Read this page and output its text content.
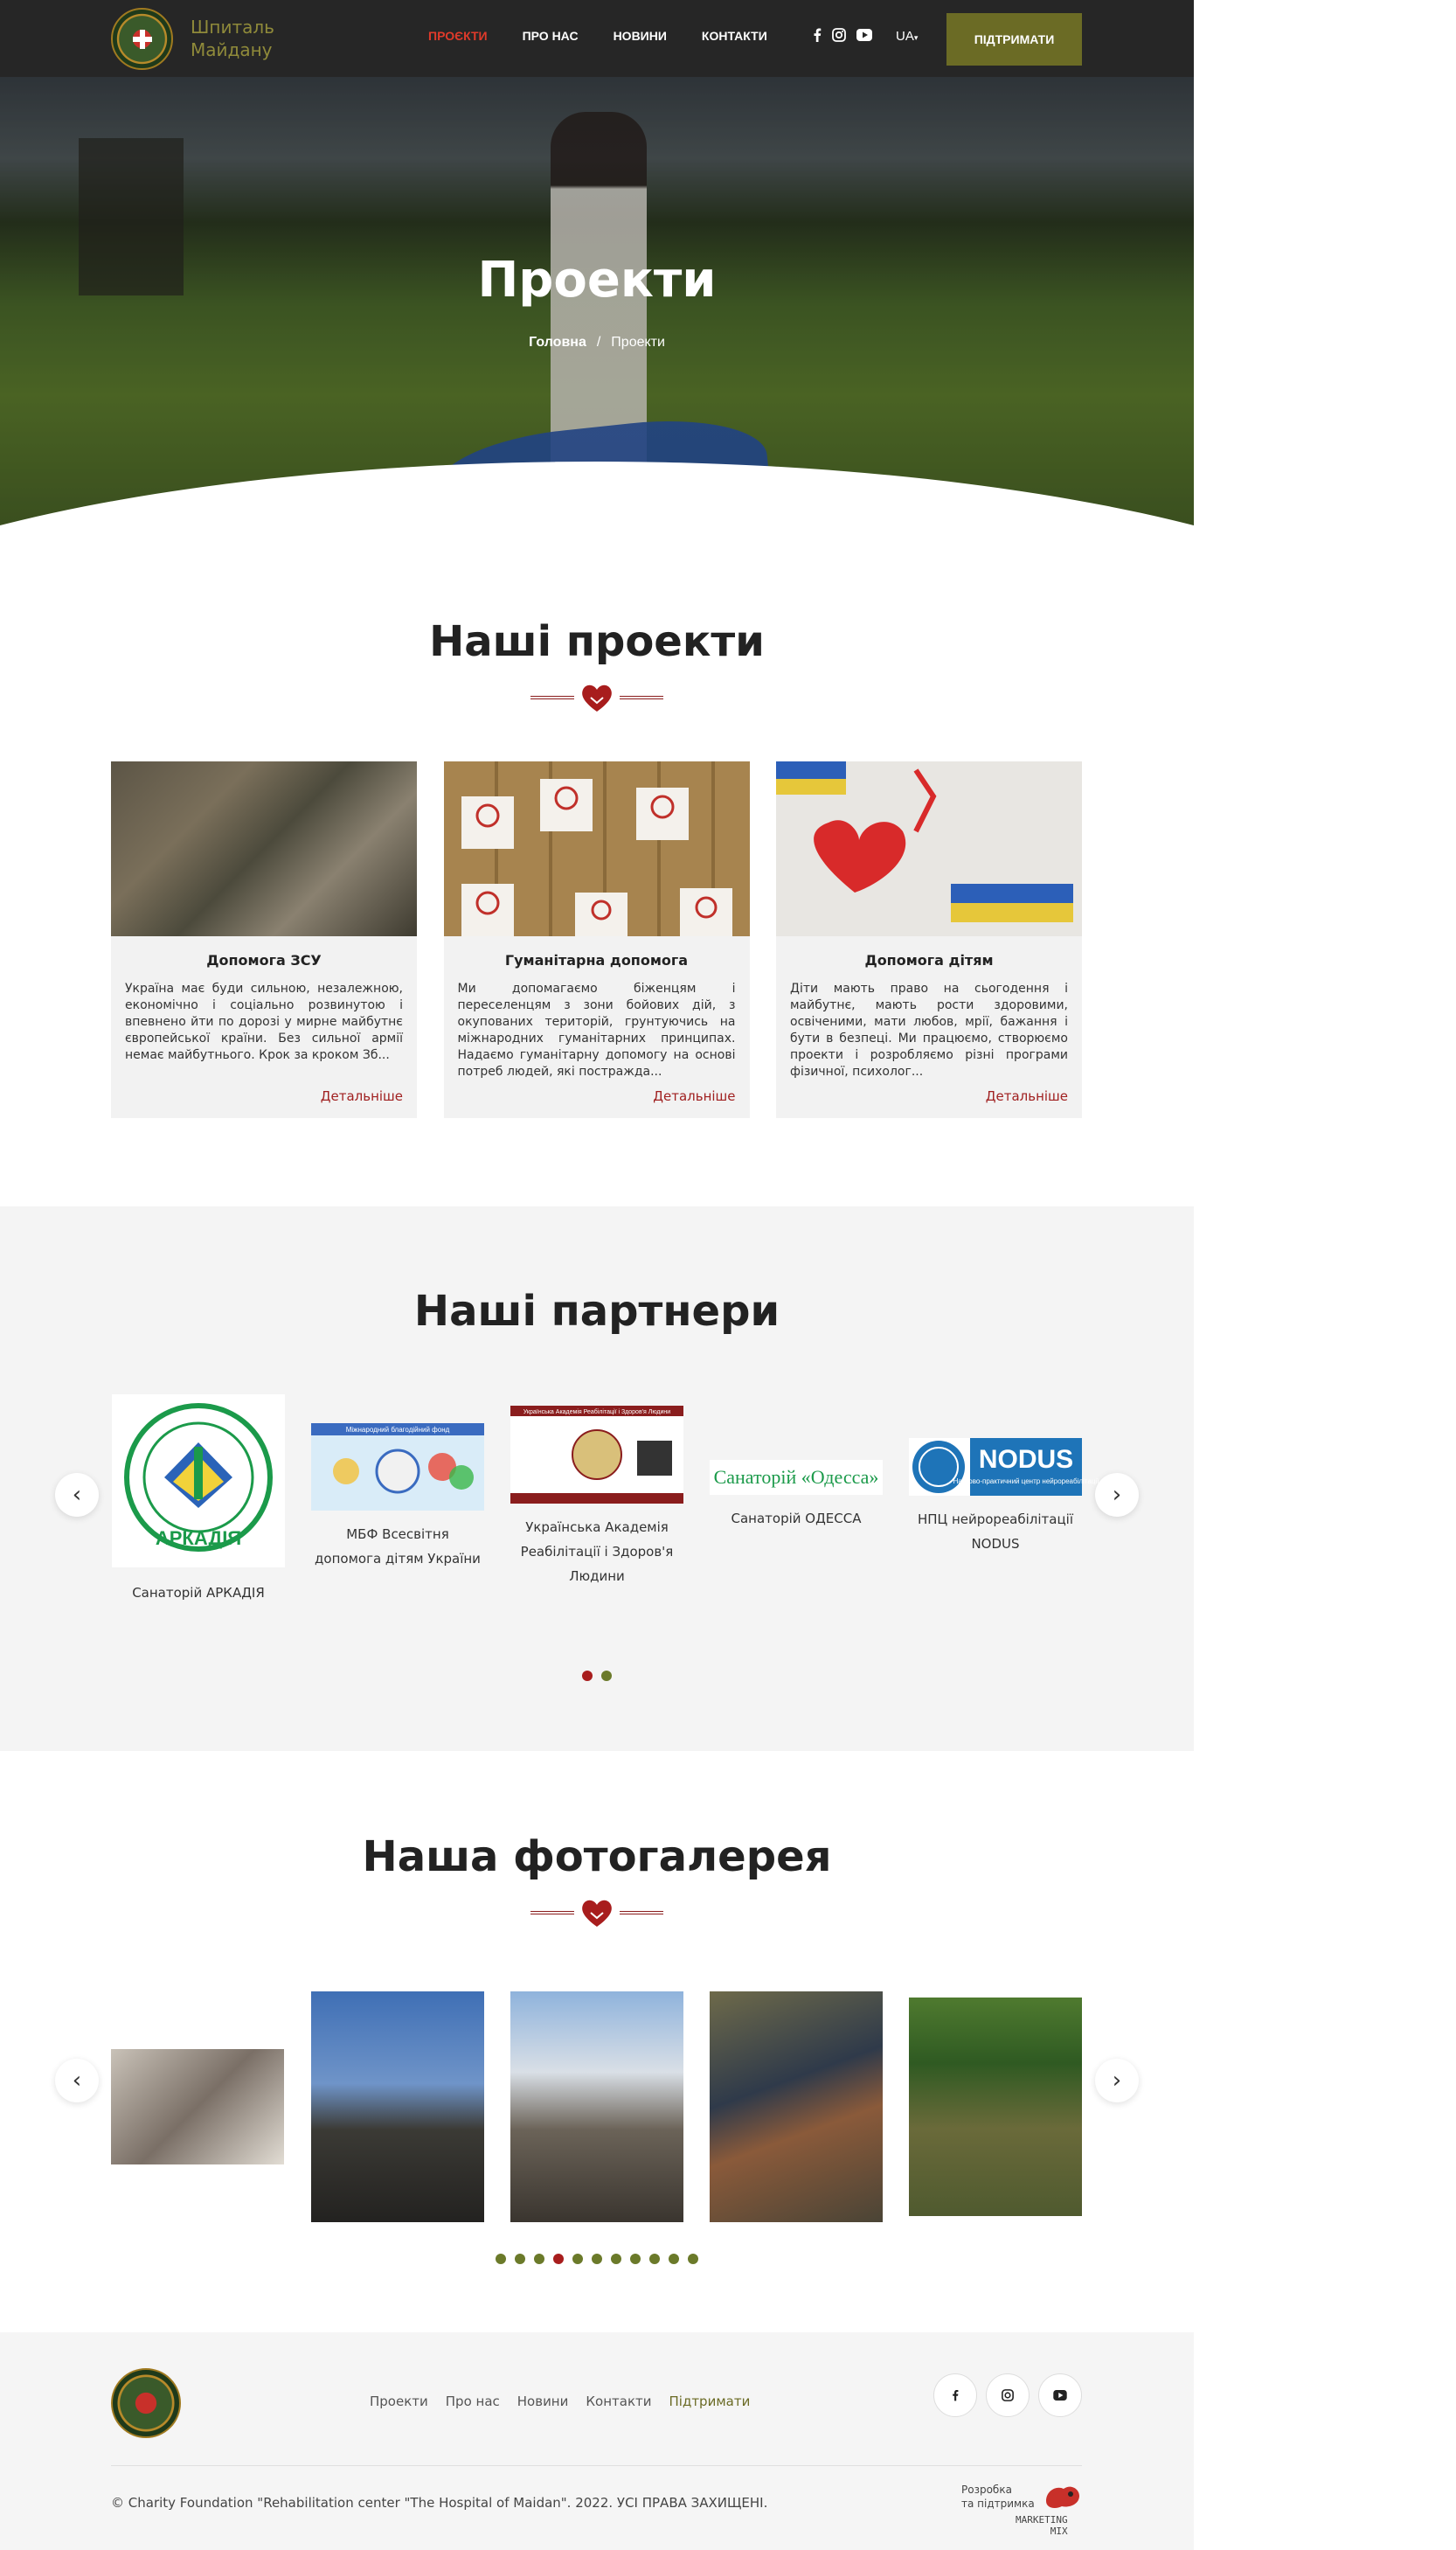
Шпиталь
Майдану
ПРОЄКТИ	ПРО НАС	НОВИНИ	КОНТАКТИ	UA▾	ПІДТРИМАТИ
Проекти
Головна / Проекти
Наші проекти
Допомога ЗСУ

Україна має буди сильною, незалежною, економічно і соціально розвинутою і впевнено йти по дорозі у мирне майбутнє європейської країни. Без сильної армії немає майбутнього. Крок за кроком Зб...

Детальніше
Гуманітарна допомога

Ми допомагаємо біженцям і переселенцям з зони бойових дій, з окупованих територій, грунтуючись на міжнародних гуманітарних принципах. Надаємо гуманітарну допомогу на основі потреб людей, які постражда...

Детальніше
Допомога дітям

Діти мають право на сьогодення і майбутнє, мають рости здоровими, освіченими, мати любов, мрії, бажання і бути в безпеці. Ми працюємо, створюємо проекти і розробляємо різні програми фізичної, психолог...

Детальніше
Наші партнери
‹	›
АРКАДІЯ
Санаторій АРКАДІЯ
Міжнародний благодійний фонд
МБФ Всесвітня допомога дітям України
Українська Академія Реабілітації і Здоров'я Людини
Українська Академія Реабілітації і Здоров'я Людини
Санаторій «Одесса»
Санаторій ОДЕССА
NODUS
Науково-практичний центр нейрореабілітації
НПЦ нейрореабілітації NODUS
Наша фотогалерея
‹	›
Проекти Про нас Новини Контакти Підтримати
© Charity Foundation "Rehabilitation center "The Hospital of Maidan". 2022. УСІ ПРАВА ЗАХИЩЕНІ.
Розробка
та підтримка
MARKETING
MIX
